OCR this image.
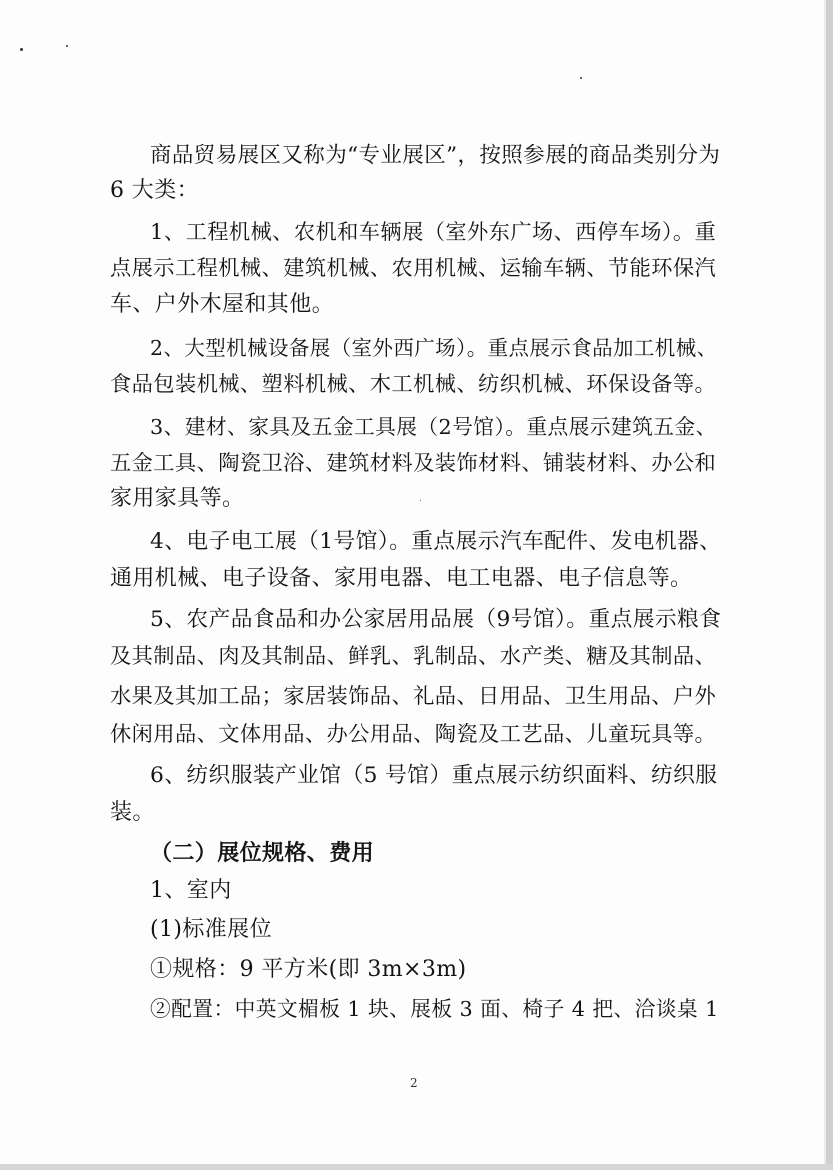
商品贸易展区又称为“专业展区”，按照参展的商品类别分为
6 大类：
1、工程机械、农机和车辆展（室外东广场、西停车场）。重
点展示工程机械、建筑机械、农用机械、运输车辆、节能环保汽
车、户外木屋和其他。
2、大型机械设备展（室外西广场）。重点展示食品加工机械、
食品包装机械、塑料机械、木工机械、纺织机械、环保设备等。
3、建材、家具及五金工具展（2号馆）。重点展示建筑五金、
五金工具、陶瓷卫浴、建筑材料及装饰材料、铺装材料、办公和
家用家具等。
4、电子电工展（1号馆）。重点展示汽车配件、发电机器、
通用机械、电子设备、家用电器、电工电器、电子信息等。
5、农产品食品和办公家居用品展（9号馆）。重点展示粮食
及其制品、肉及其制品、鲜乳、乳制品、水产类、糖及其制品、
水果及其加工品；家居装饰品、礼品、日用品、卫生用品、户外
休闲用品、文体用品、办公用品、陶瓷及工艺品、儿童玩具等。
6、纺织服装产业馆（5 号馆）重点展示纺织面料、纺织服
装。
（二）展位规格、费用
1、室内
(1)标准展位
①规格：9 平方米(即 3m×3m)
②配置：中英文楣板 1 块、展板 3 面、椅子 4 把、洽谈桌 1
2
